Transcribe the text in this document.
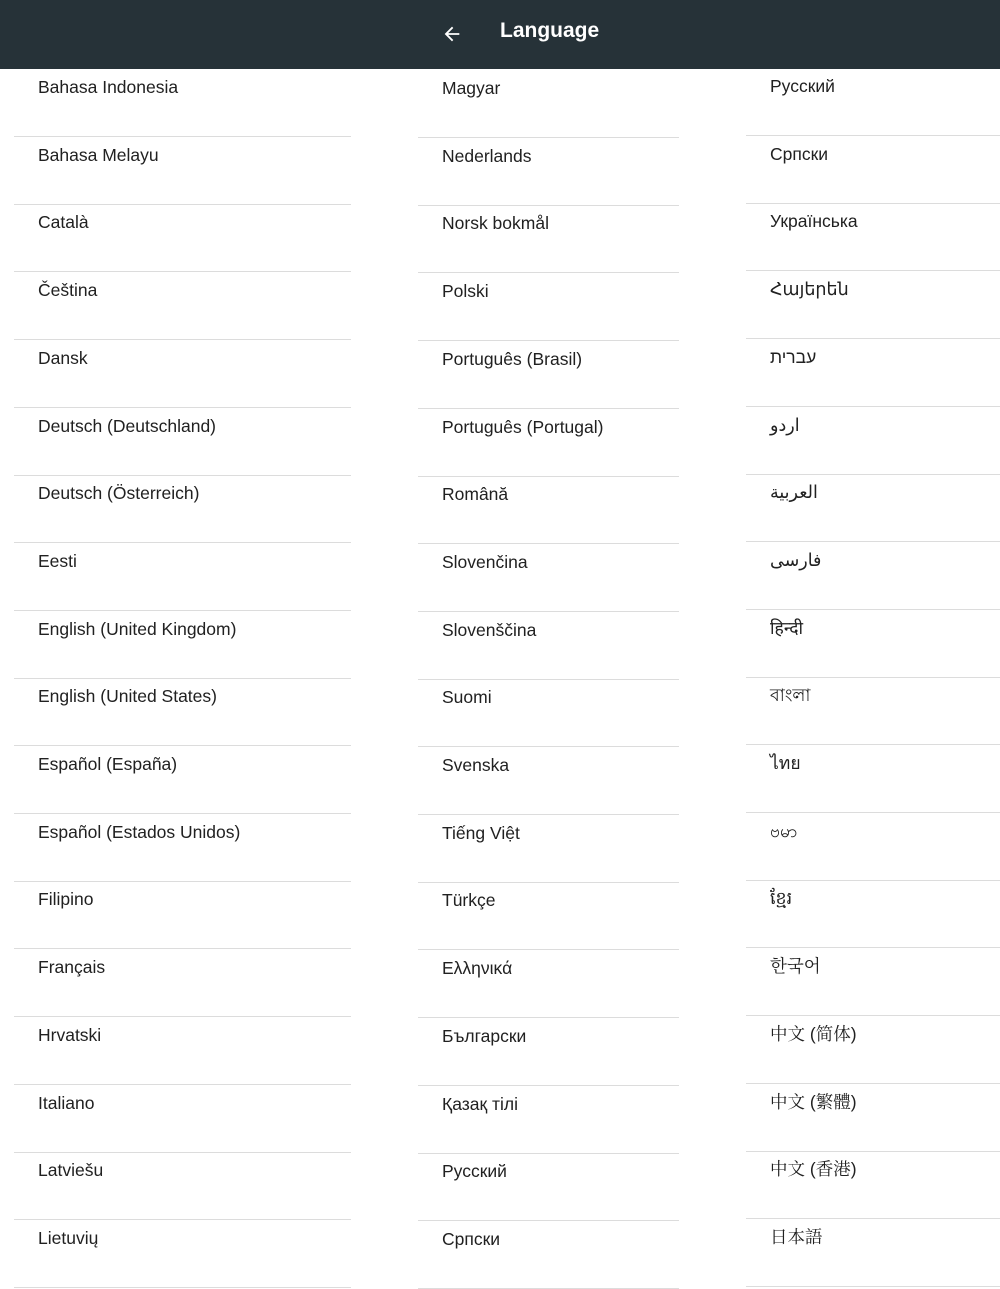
Language
Bahasa Indonesia
Bahasa Melayu
Català
Čeština
Dansk
Deutsch (Deutschland)
Deutsch (Österreich)
Eesti
English (United Kingdom)
English (United States)
Español (España)
Español (Estados Unidos)
Filipino
Français
Hrvatski
Italiano
Latviešu
Lietuvių
Magyar
Nederlands
Norsk bokmål
Polski
Português (Brasil)
Português (Portugal)
Română
Slovenčina
Slovenščina
Suomi
Svenska
Tiếng Việt
Türkçe
Ελληνικά
Български
Қазақ тілі
Русский
Српски
Русский
Српски
Українська
Հայերեն
עברית
اردو
العربية
فارسی
हिन्दी
বাংলা
ไทย
ဗမာ
ខ្មែរ
한국어
中文 (简体)
中文 (繁體)
中文 (香港)
日本語
